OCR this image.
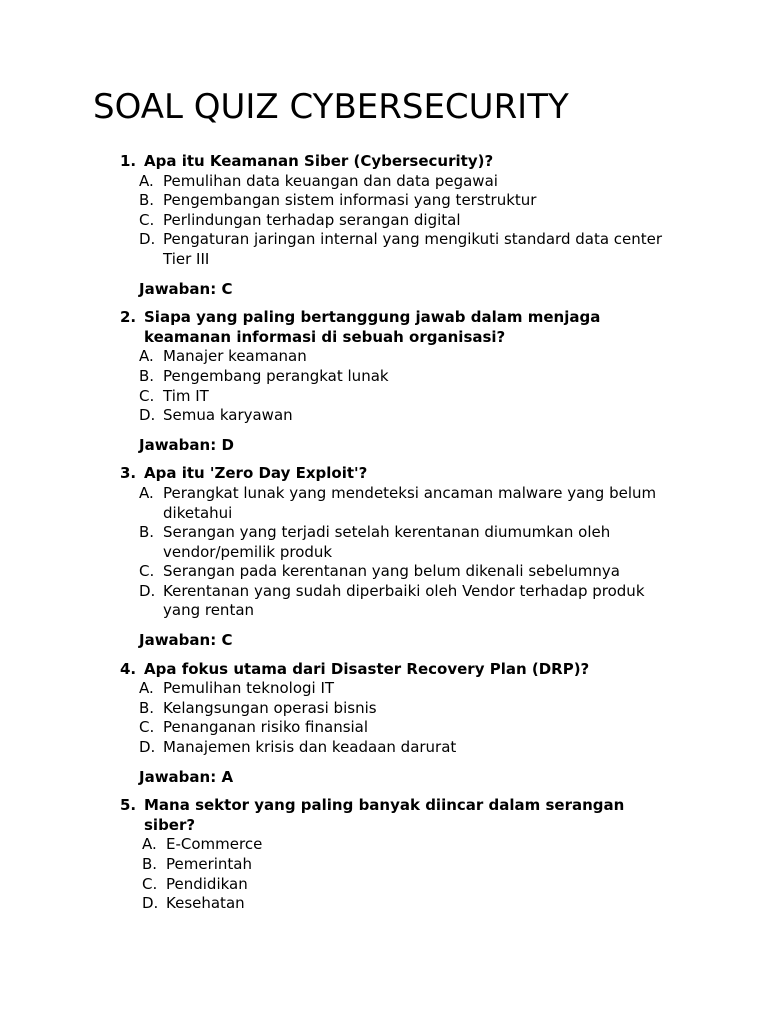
SOAL QUIZ CYBERSECURITY
1. Apa itu Keamanan Siber (Cybersecurity)?
A. Pemulihan data keuangan dan data pegawai
B. Pengembangan sistem informasi yang terstruktur
C. Perlindungan terhadap serangan digital
D. Pengaturan jaringan internal yang mengikuti standard data center Tier III
Jawaban: C
2. Siapa yang paling bertanggung jawab dalam menjaga keamanan informasi di sebuah organisasi?
A. Manajer keamanan
B. Pengembang perangkat lunak
C. Tim IT
D. Semua karyawan
Jawaban: D
3. Apa itu 'Zero Day Exploit'?
A. Perangkat lunak yang mendeteksi ancaman malware yang belum diketahui
B. Serangan yang terjadi setelah kerentanan diumumkan oleh vendor/pemilik produk
C. Serangan pada kerentanan yang belum dikenali sebelumnya
D. Kerentanan yang sudah diperbaiki oleh Vendor terhadap produk yang rentan
Jawaban: C
4. Apa fokus utama dari Disaster Recovery Plan (DRP)?
A. Pemulihan teknologi IT
B. Kelangsungan operasi bisnis
C. Penanganan risiko finansial
D. Manajemen krisis dan keadaan darurat
Jawaban: A
5. Mana sektor yang paling banyak diincar dalam serangan siber?
A. E-Commerce
B. Pemerintah
C. Pendidikan
D. Kesehatan
